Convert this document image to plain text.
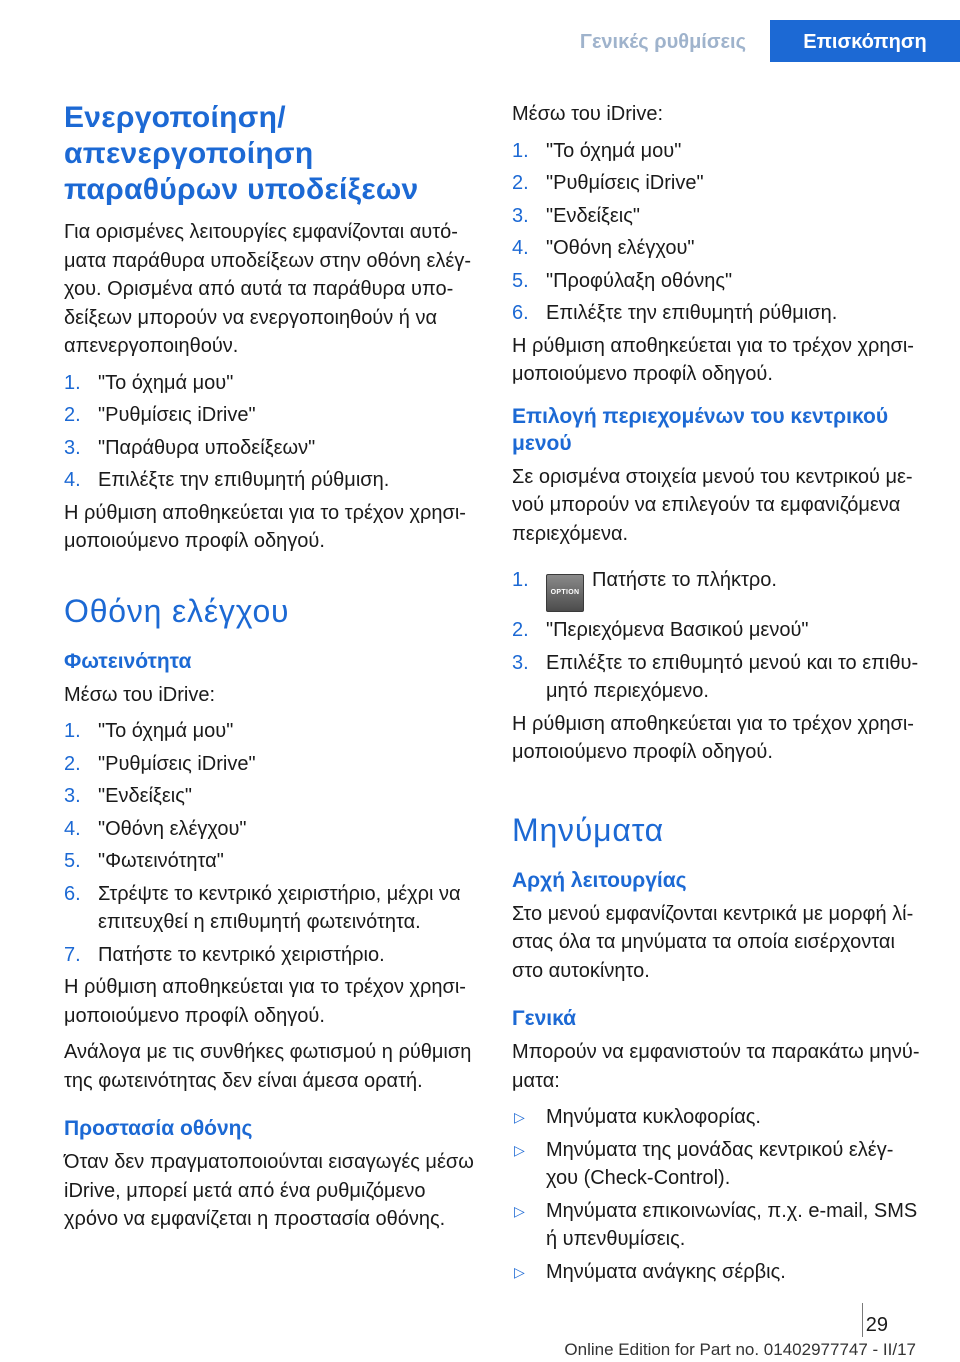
Γενικές ρυθμίσεις	Επισκόπηση
Ενεργοποίηση/
απενεργοποίηση
παραθύρων υποδείξεων

Για ορισμένες λειτουργίες εμφανίζονται αυτό-
ματα παράθυρα υποδείξεων στην οθόνη ελέγ-
χου. Ορισμένα από αυτά τα παράθυρα υπο-
δείξεων μπορούν να ενεργοποιηθούν ή να
απενεργοποιηθούν.

1. "Το όχημά μου"
2. "Ρυθμίσεις iDrive"
3. "Παράθυρα υποδείξεων"
4. Επιλέξτε την επιθυμητή ρύθμιση.

Η ρύθμιση αποθηκεύεται για το τρέχον χρησι-
μοποιούμενο προφίλ οδηγού.

Οθόνη ελέγχου
Φωτεινότητα

Μέσω του iDrive:

1. "Το όχημά μου"
2. "Ρυθμίσεις iDrive"
3. "Ενδείξεις"
4. "Οθόνη ελέγχου"
5. "Φωτεινότητα"
6. Στρέψτε το κεντρικό χειριστήριο, μέχρι να
επιτευχθεί η επιθυμητή φωτεινότητα.
7. Πατήστε το κεντρικό χειριστήριο.

Η ρύθμιση αποθηκεύεται για το τρέχον χρησι-
μοποιούμενο προφίλ οδηγού.

Ανάλογα με τις συνθήκες φωτισμού η ρύθμιση
της φωτεινότητας δεν είναι άμεσα ορατή.

Προστασία οθόνης

Όταν δεν πραγματοποιούνται εισαγωγές μέσω
iDrive, μπορεί μετά από ένα ρυθμιζόμενο
χρόνο να εμφανίζεται η προστασία οθόνης.

Μέσω του iDrive:

1. "Το όχημά μου"
2. "Ρυθμίσεις iDrive"
3. "Ενδείξεις"
4. "Οθόνη ελέγχου"
5. "Προφύλαξη οθόνης"
6. Επιλέξτε την επιθυμητή ρύθμιση.

Η ρύθμιση αποθηκεύεται για το τρέχον χρησι-
μοποιούμενο προφίλ οδηγού.

Επιλογή περιεχομένων του κεντρικού
μενού

Σε ορισμένα στοιχεία μενού του κεντρικού με-
νού μπορούν να επιλεγούν τα εμφανιζόμενα
περιεχόμενα.

1.
OPTIONΠατήστε το πλήκτρο.
2. "Περιεχόμενα Βασικού μενού"
3. Επιλέξτε το επιθυμητό μενού και το επιθυ-
μητό περιεχόμενο.

Η ρύθμιση αποθηκεύεται για το τρέχον χρησι-
μοποιούμενο προφίλ οδηγού.

Μηνύματα
Αρχή λειτουργίας

Στο μενού εμφανίζονται κεντρικά με μορφή λί-
στας όλα τα μηνύματα τα οποία εισέρχονται
στο αυτοκίνητο.

Γενικά

Μπορούν να εμφανιστούν τα παρακάτω μηνύ-
ματα:

▷ Μηνύματα κυκλοφορίας.
▷ Μηνύματα της μονάδας κεντρικού ελέγ-
χου (Check-Control).
▷ Μηνύματα επικοινωνίας, π.χ. e-mail, SMS
ή υπενθυμίσεις.
▷ Μηνύματα ανάγκης σέρβις.
29
Online Edition for Part no. 01402977747 - II/17
